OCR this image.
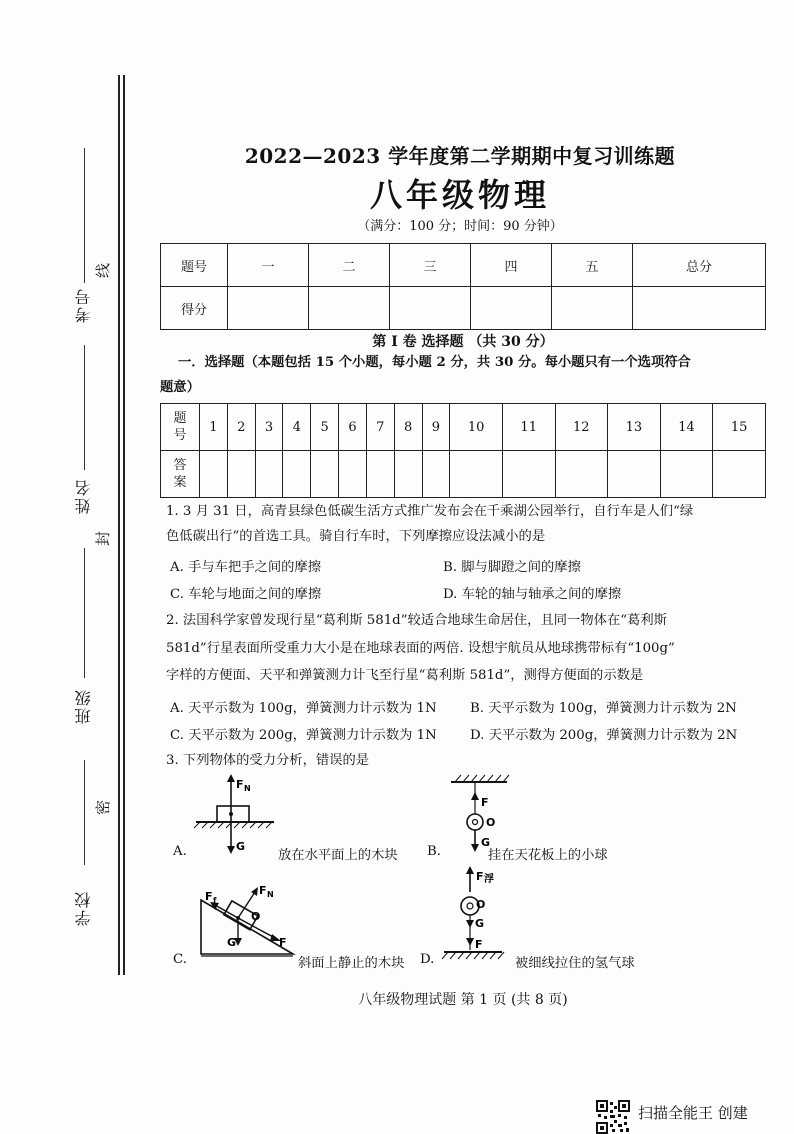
考号
线
姓名
封
班级
密
学校
2022—2023 学年度第二学期期中复习训练题
八年级物理
（满分：100 分；时间：90 分钟）
题号	一	二	三	四	五	总分
得分						
第 I 卷 选择题 （共 30 分）
一．选择题（本题包括 15 个小题，每小题 2 分，共 30 分。每小题只有一个选项符合
题意）
题
号	1	2	3	4	5	6	7	8	9	10	11	12	13	14	15

答
案															

1. 3 月 31 日，高青县绿色低碳生活方式推广发布会在千乘湖公园举行，自行车是人们“绿
色低碳出行”的首选工具。骑自行车时，下列摩擦应设法减小的是
A. 手与车把手之间的摩擦	B. 脚与脚蹬之间的摩擦
C. 车轮与地面之间的摩擦	D. 车轮的轴与轴承之间的摩擦
2. 法国科学家曾发现行星“葛利斯 581d”较适合地球生命居住，且同一物体在“葛利斯
581d”行星表面所受重力大小是在地球表面的两倍. 设想宇航员从地球携带标有“100g”
字样的方便面、天平和弹簧测力计飞至行星“葛利斯 581d”，测得方便面的示数是
A. 天平示数为 100g，弹簧测力计示数为 1N	B. 天平示数为 100g，弹簧测力计示数为 2N
C. 天平示数为 200g，弹簧测力计示数为 1N	D. 天平示数为 200g，弹簧测力计示数为 2N
3. 下列物体的受力分析，错误的是
F N
G
A.	放在水平面上的木块
F
O
G
B.	挂在天花板上的小球
F f
F N
O
G	F
C.	斜面上静止的木块
F 浮
O
G
F
D.	被细线拉住的氢气球
八年级物理试题 第 1 页 (共 8 页)
扫描全能王 创建
